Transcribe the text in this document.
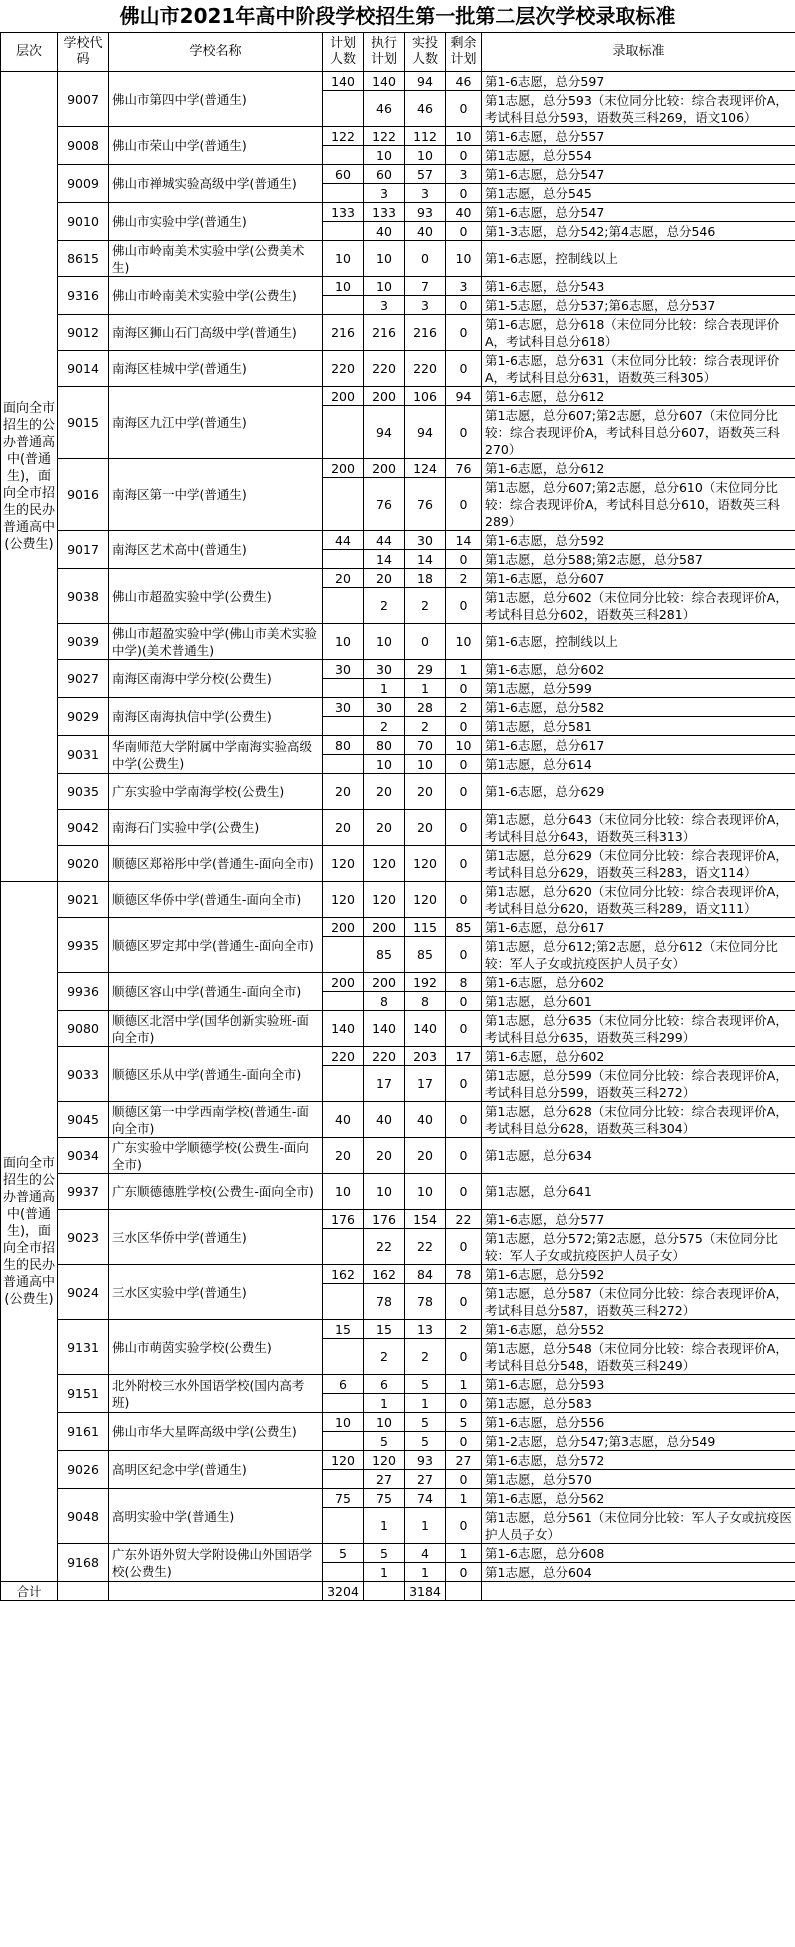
佛山市2021年高中阶段学校招生第一批第二层次学校录取标准
层次	学校代码	学校名称	计划人数	执行计划	实投人数	剩余计划	录取标准
面向全市招生的公办普通高中(普通生)，面向全市招生的民办普通高中(公费生)	9007	佛山市第四中学(普通生)	140	140	94	46	第1-6志愿，总分597
				46	46	0	第1志愿，总分593（末位同分比较：综合表现评价A，考试科目总分593，语数英三科269，语文106）
	9008	佛山市荣山中学(普通生)	122	122	112	10	第1-6志愿，总分557
				10	10	0	第1志愿，总分554
	9009	佛山市禅城实验高级中学(普通生)	60	60	57	3	第1-6志愿，总分547
				3	3	0	第1志愿，总分545
	9010	佛山市实验中学(普通生)	133	133	93	40	第1-6志愿，总分547
				40	40	0	第1-3志愿，总分542;第4志愿，总分546
	8615	佛山市岭南美术实验中学(公费美术生)	10	10	0	10	第1-6志愿，控制线以上
	9316	佛山市岭南美术实验中学(公费生)	10	10	7	3	第1-6志愿，总分543
				3	3	0	第1-5志愿，总分537;第6志愿，总分537
	9012	南海区狮山石门高级中学(普通生)	216	216	216	0	第1-6志愿，总分618（末位同分比较：综合表现评价A，考试科目总分618）
	9014	南海区桂城中学(普通生)	220	220	220	0	第1-6志愿，总分631（末位同分比较：综合表现评价A，考试科目总分631，语数英三科305）
	9015	南海区九江中学(普通生)	200	200	106	94	第1-6志愿，总分612
				94	94	0	第1志愿，总分607;第2志愿，总分607（末位同分比较：综合表现评价A，考试科目总分607，语数英三科270）
	9016	南海区第一中学(普通生)	200	200	124	76	第1-6志愿，总分612
				76	76	0	第1志愿，总分607;第2志愿，总分610（末位同分比较：综合表现评价A，考试科目总分610，语数英三科289）
	9017	南海区艺术高中(普通生)	44	44	30	14	第1-6志愿，总分592
				14	14	0	第1志愿，总分588;第2志愿，总分587
	9038	佛山市超盈实验中学(公费生)	20	20	18	2	第1-6志愿，总分607
				2	2	0	第1志愿，总分602（末位同分比较：综合表现评价A，考试科目总分602，语数英三科281）
	9039	佛山市超盈实验中学(佛山市美术实验中学)(美术普通生)	10	10	0	10	第1-6志愿，控制线以上
	9027	南海区南海中学分校(公费生)	30	30	29	1	第1-6志愿，总分602
				1	1	0	第1志愿，总分599
	9029	南海区南海执信中学(公费生)	30	30	28	2	第1-6志愿，总分582
				2	2	0	第1志愿，总分581
	9031	华南师范大学附属中学南海实验高级中学(公费生)	80	80	70	10	第1-6志愿，总分617
				10	10	0	第1志愿，总分614
	9035	广东实验中学南海学校(公费生)	20	20	20	0	第1-6志愿，总分629
	9042	南海石门实验中学(公费生)	20	20	20	0	第1志愿，总分643（末位同分比较：综合表现评价A，考试科目总分643，语数英三科313）
	9020	顺德区郑裕彤中学(普通生-面向全市)	120	120	120	0	第1志愿，总分629（末位同分比较：综合表现评价A，考试科目总分629，语数英三科283，语文114）
面向全市招生的公办普通高中(普通生)，面向全市招生的民办普通高中(公费生)	9021	顺德区华侨中学(普通生-面向全市)	120	120	120	0	第1志愿，总分620（末位同分比较：综合表现评价A，考试科目总分620，语数英三科289，语文111）
	9935	顺德区罗定邦中学(普通生-面向全市)	200	200	115	85	第1-6志愿，总分617
				85	85	0	第1志愿，总分612;第2志愿，总分612（末位同分比较：军人子女或抗疫医护人员子女）
	9936	顺德区容山中学(普通生-面向全市)	200	200	192	8	第1-6志愿，总分602
				8	8	0	第1志愿，总分601
	9080	顺德区北滘中学(国华创新实验班-面向全市)	140	140	140	0	第1志愿，总分635（末位同分比较：综合表现评价A，考试科目总分635，语数英三科299）
	9033	顺德区乐从中学(普通生-面向全市)	220	220	203	17	第1-6志愿，总分602
				17	17	0	第1志愿，总分599（末位同分比较：综合表现评价A，考试科目总分599，语数英三科272）
	9045	顺德区第一中学西南学校(普通生-面向全市)	40	40	40	0	第1志愿，总分628（末位同分比较：综合表现评价A，考试科目总分628，语数英三科304）
	9034	广东实验中学顺德学校(公费生-面向全市)	20	20	20	0	第1志愿，总分634
	9937	广东顺德德胜学校(公费生-面向全市)	10	10	10	0	第1志愿，总分641
	9023	三水区华侨中学(普通生)	176	176	154	22	第1-6志愿，总分577
				22	22	0	第1志愿，总分572;第2志愿，总分575（末位同分比较：军人子女或抗疫医护人员子女）
	9024	三水区实验中学(普通生)	162	162	84	78	第1-6志愿，总分592
				78	78	0	第1志愿，总分587（末位同分比较：综合表现评价A，考试科目总分587，语数英三科272）
	9131	佛山市萌茵实验学校(公费生)	15	15	13	2	第1-6志愿，总分552
				2	2	0	第1志愿，总分548（末位同分比较：综合表现评价A，考试科目总分548，语数英三科249）
	9151	北外附校三水外国语学校(国内高考班)	6	6	5	1	第1-6志愿，总分593
				1	1	0	第1志愿，总分583
	9161	佛山市华大星晖高级中学(公费生)	10	10	5	5	第1-6志愿，总分556
				5	5	0	第1-2志愿，总分547;第3志愿，总分549
	9026	高明区纪念中学(普通生)	120	120	93	27	第1-6志愿，总分572
				27	27	0	第1志愿，总分570
	9048	高明实验中学(普通生)	75	75	74	1	第1-6志愿，总分562
				1	1	0	第1志愿，总分561（末位同分比较：军人子女或抗疫医护人员子女）
	9168	广东外语外贸大学附设佛山外国语学校(公费生)	5	5	4	1	第1-6志愿，总分608
				1	1	0	第1志愿，总分604
合计			3204		3184		
